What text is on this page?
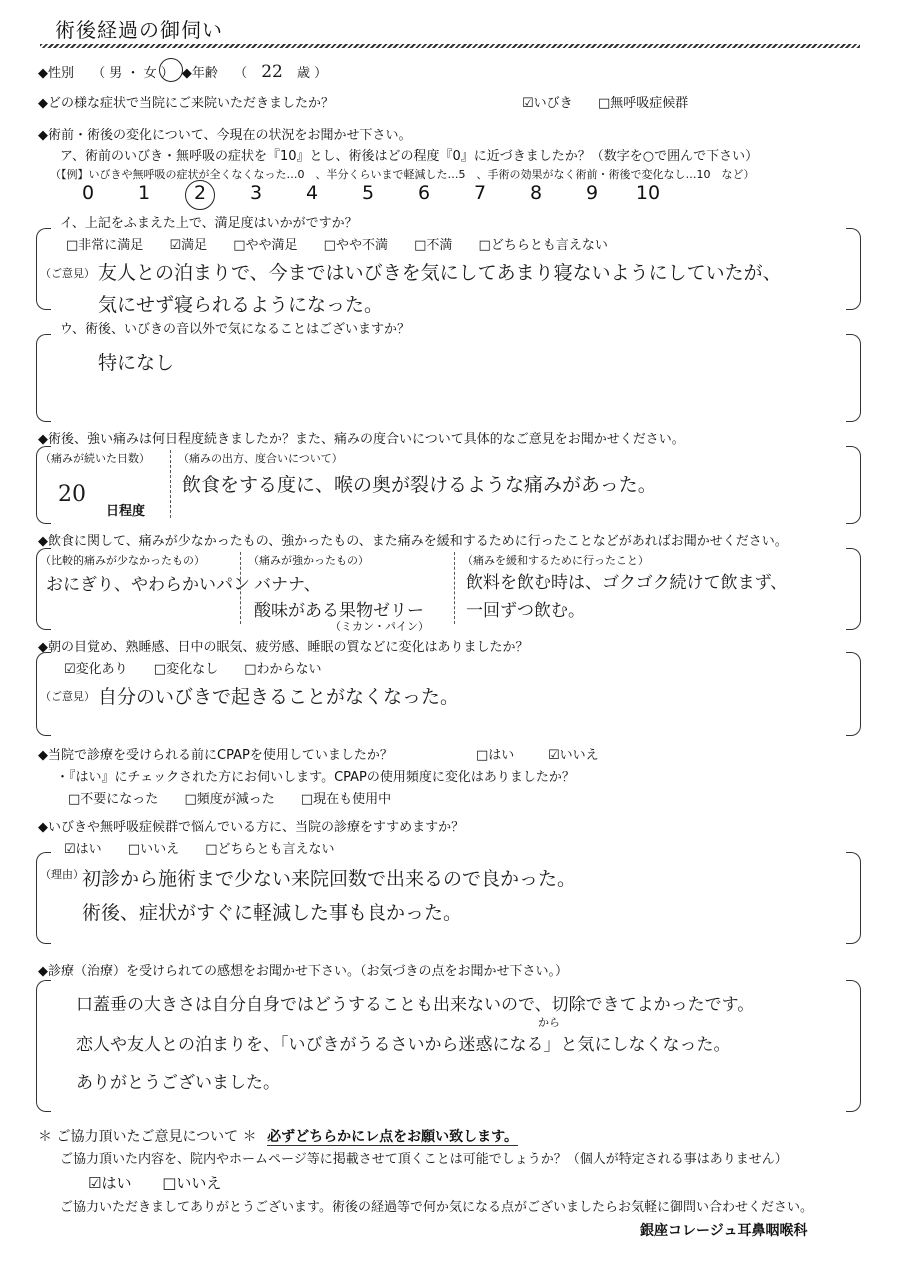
術後経過の御伺い
◆性別 （ 男 ・ 女 ） ◆年齢 （ 22 歳 ）
◆どの様な症状で当院にご来院いただきましたか？	☑いびき □無呼吸症候群
◆術前・術後の変化について、今現在の状況をお聞かせ下さい。
ア、術前のいびき・無呼吸の症状を『10』とし、術後はどの程度『0』に近づきましたか？（数字を○で囲んで下さい）
（【例】いびきや無呼吸の症状が全くなくなった…0　、半分くらいまで軽減した…5　、手術の効果がなく術前・術後で変化なし…10　など）
0 1 2 3 4 5 6 7 8 9 10
イ、上記をふまえた上で、満足度はいかがですか？
□非常に満足 ☑満足 □やや満足 □やや不満 □不満 □どちらとも言えない
（ご意見） 友人との泊まりで、今まではいびきを気にしてあまり寝ないようにしていたが、
気にせず寝られるようになった。
ウ、術後、いびきの音以外で気になることはございますか？
特になし
◆術後、強い痛みは何日程度続きましたか？また、痛みの度合いについて具体的なご意見をお聞かせください。
（痛みが続いた日数）
20
日程度
（痛みの出方、度合いについて）
飲食をする度に、喉の奥が裂けるような痛みがあった。
◆飲食に関して、痛みが少なかったもの、強かったもの、また痛みを緩和するために行ったことなどがあればお聞かせください。
（比較的痛みが少なかったもの）
おにぎり、やわらかいパン
（痛みが強かったもの）
バナナ、
酸味がある果物ゼリー
（ミカン・パイン）
（痛みを緩和するために行ったこと）
飲料を飲む時は、ゴクゴク続けて飲まず、
一回ずつ飲む。
◆朝の目覚め、熟睡感、日中の眠気、疲労感、睡眠の質などに変化はありましたか？
☑変化あり □変化なし □わからない
（ご意見） 自分のいびきで起きることがなくなった。
◆当院で診療を受けられる前にCPAPを使用していましたか？	□はい	☑いいえ
・『はい』にチェックされた方にお伺いします。CPAPの使用頻度に変化はありましたか？
□不要になった □頻度が減った □現在も使用中
◆いびきや無呼吸症候群で悩んでいる方に、当院の診療をすすめますか？
☑はい □いいえ □どちらとも言えない
（理由）
初診から施術まで少ない来院回数で出来るので良かった。
術後、症状がすぐに軽減した事も良かった。
◆診療（治療）を受けられての感想をお聞かせ下さい。（お気づきの点をお聞かせ下さい。）
口蓋垂の大きさは自分自身ではどうすることも出来ないので、切除できてよかったです。
から
恋人や友人との泊まりを、「いびきがうるさいから迷惑になる」と気にしなくなった。
ありがとうございました。
＊ ご協力頂いたご意見について ＊ 必ずどちらかにレ点をお願い致します。
ご協力頂いた内容を、院内やホームページ等に掲載させて頂くことは可能でしょうか？（個人が特定される事はありません）
☑はい □いいえ
ご協力いただきましてありがとうございます。術後の経過等で何か気になる点がございましたらお気軽に御問い合わせください。
銀座コレージュ耳鼻咽喉科
